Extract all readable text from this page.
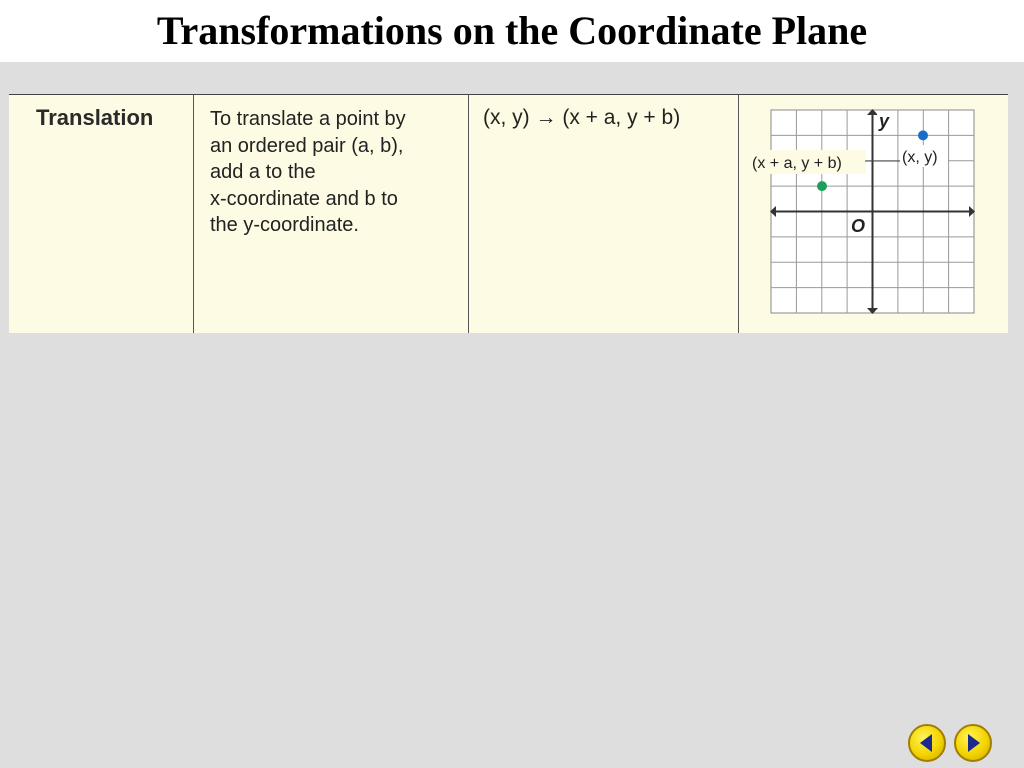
Transformations on the Coordinate Plane
Translation	To translate a point by
an ordered pair (a, b),
add a to the
x-coordinate and b to
the y-coordinate.
(x, y) → (x + a, y + b)	y
O
(x, y)
(x + a, y + b)
